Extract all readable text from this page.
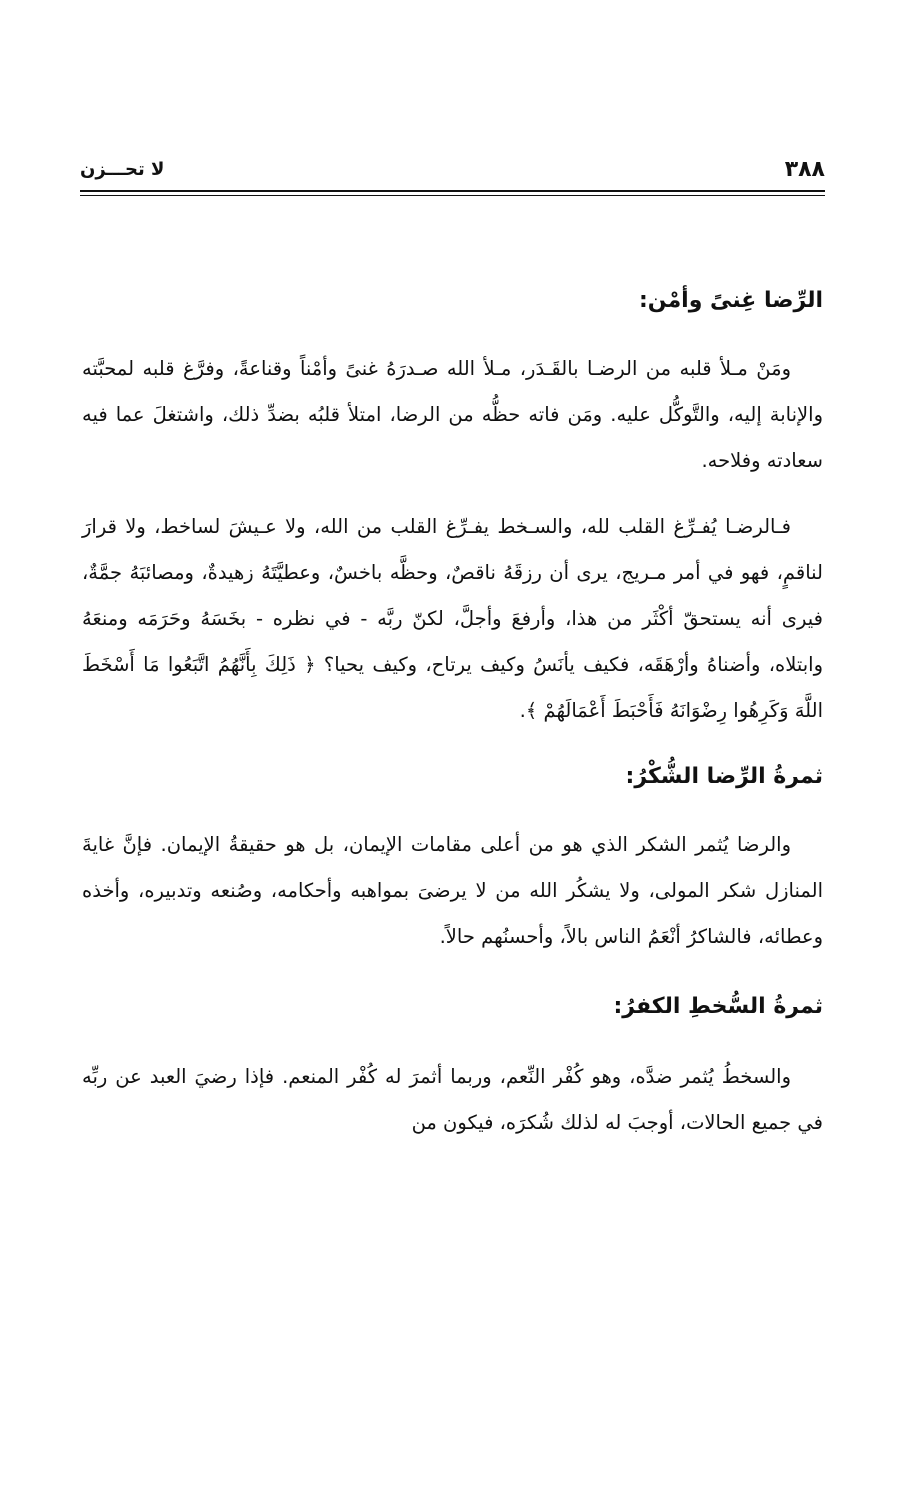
٣٨٨
لا تحـــزن
الرِّضا غِنىً وأمْن:

ومَنْ مـلأ قلبه من الرضـا بالقَـدَر، مـلأ الله صـدرَهُ غنىً وأمْناً وقناعةً، وفرَّغ قلبه لمحبَّته والإنابة إليه، والتَّوكُّل عليه. ومَن فاته حظُّه من الرضا، امتلأ قلبُه بضدِّ ذلك، واشتغلَ عما فيه سعادته وفلاحه.

فـالرضـا يُفـرِّغ القلب لله، والسـخط يفـرِّغ القلب من الله، ولا عـيشَ لساخط، ولا قرارَ لناقمٍ، فهو في أمر مـريج، يرى أن رزقَهُ ناقصٌ، وحظَّه باخسٌ، وعطيَّتَهُ زهيدةٌ، ومصائبَهُ جمَّةٌ، فيرى أنه يستحقّ أكْثَر من هذا، وأرفعَ وأجلَّ، لكنّ ربَّه - في نظره - بخَسَهُ وحَرَمَه ومنعَهُ وابتلاه، وأضناهُ وأرْهَقَه، فكيف يأنَسُ وكيف يرتاح، وكيف يحيا؟ ﴿ ذَلِكَ بِأَنَّهُمُ اتَّبَعُوا مَا أَسْخَطَ اللَّهَ وَكَرِهُوا رِضْوَانَهُ فَأَحْبَطَ أَعْمَالَهُمْ ﴾.

ثمرةُ الرِّضا الشُّكْرُ:

والرضا يُثمر الشكر الذي هو من أعلى مقامات الإيمان، بل هو حقيقةُ الإيمان. فإنَّ غايةَ المنازل شكر المولى، ولا يشكُر الله من لا يرضىَ بمواهبه وأحكامه، وصُنعه وتدبيره، وأخذه وعطائه، فالشاكرُ أنْعَمُ الناس بالاً، وأحسنُهم حالاً.

ثمرةُ السُّخطِ الكفرُ:

والسخطُ يُثمر ضدَّه، وهو كُفْر النِّعم، وربما أثمرَ له كُفْر المنعم. فإذا رضيَ العبد عن ربِّه في جميع الحالات، أوجبَ له لذلك شُكرَه، فيكون من
